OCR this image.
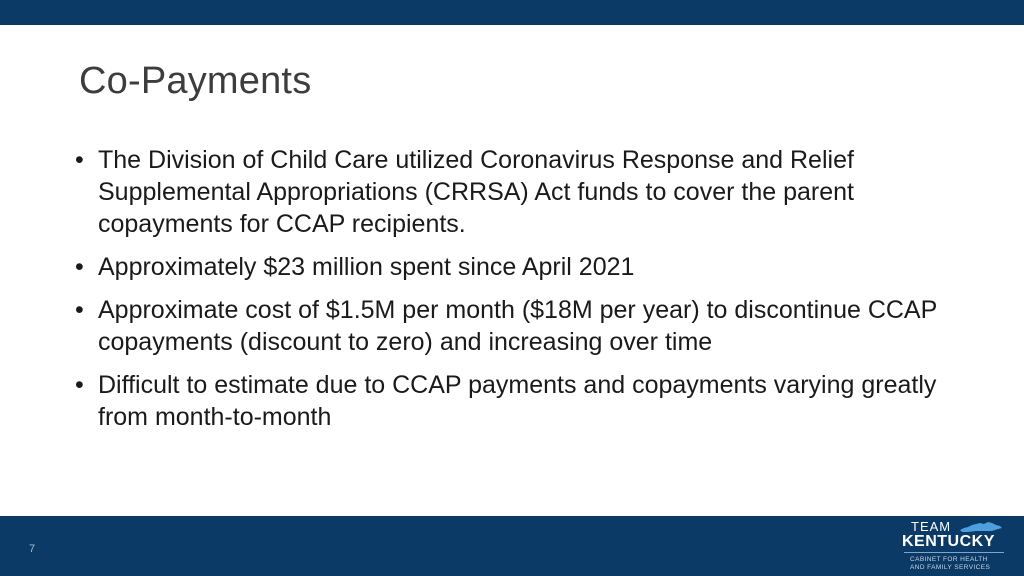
Co-Payments
• The Division of Child Care utilized Coronavirus Response and Relief Supplemental Appropriations (CRRSA) Act funds to cover the parent copayments for CCAP recipients.
• Approximately $23 million spent since April 2021
• Approximate cost of $1.5M per month ($18M per year) to discontinue CCAP copayments (discount to zero) and increasing over time
• Difficult to estimate due to CCAP payments and copayments varying greatly from month-to-month
7
TEAM
KENTUCKY
CABINET FOR HEALTH
AND FAMILY SERVICES
